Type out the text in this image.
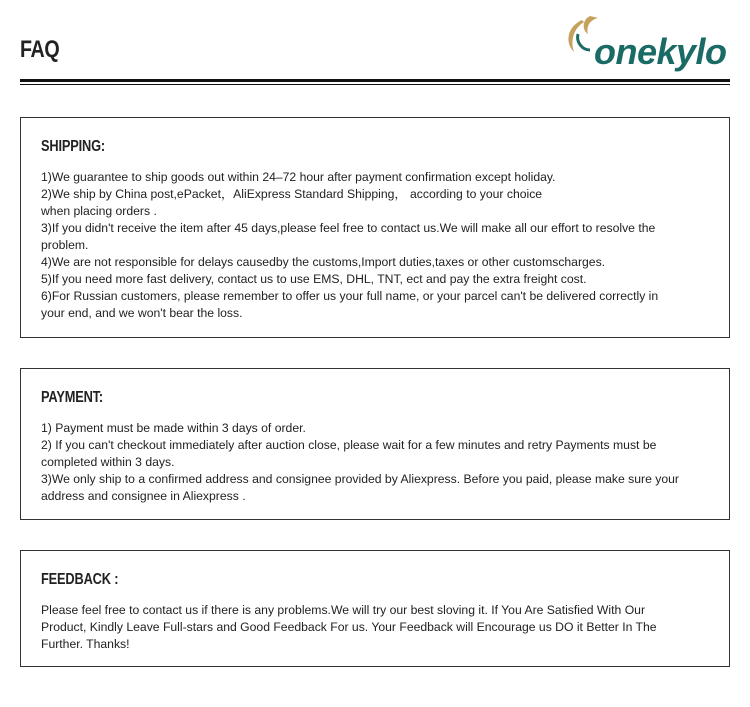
FAQ	onekylo
SHIPPING:

1)We guarantee to ship goods out within 24–72 hour after payment confirmation except holiday.

2)We ship by China post,ePacket，AliExpress Standard Shipping， according to your choice

when placing orders .

3)If you didn't receive the item after 45 days,please feel free to contact us.We will make all our effort to resolve the

problem.

4)We are not responsible for delays causedby the customs,Import duties,taxes or other customscharges.

5)If you need more fast delivery, contact us to use EMS, DHL, TNT, ect and pay the extra freight cost.

6)For Russian customers, please remember to offer us your full name, or your parcel can't be delivered correctly in

your end, and we won't bear the loss.

PAYMENT:

1) Payment must be made within 3 days of order.

2) If you can't checkout immediately after auction close, please wait for a few minutes and retry Payments must be

completed within 3 days.

3)We only ship to a confirmed address and consignee provided by Aliexpress. Before you paid, please make sure your

address and consignee in Aliexpress .

FEEDBACK :

Please feel free to contact us if there is any problems.We will try our best sloving it. If You Are Satisfied With Our

Product, Kindly Leave Full-stars and Good Feedback For us. Your Feedback will Encourage us DO it Better In The

Further. Thanks!
